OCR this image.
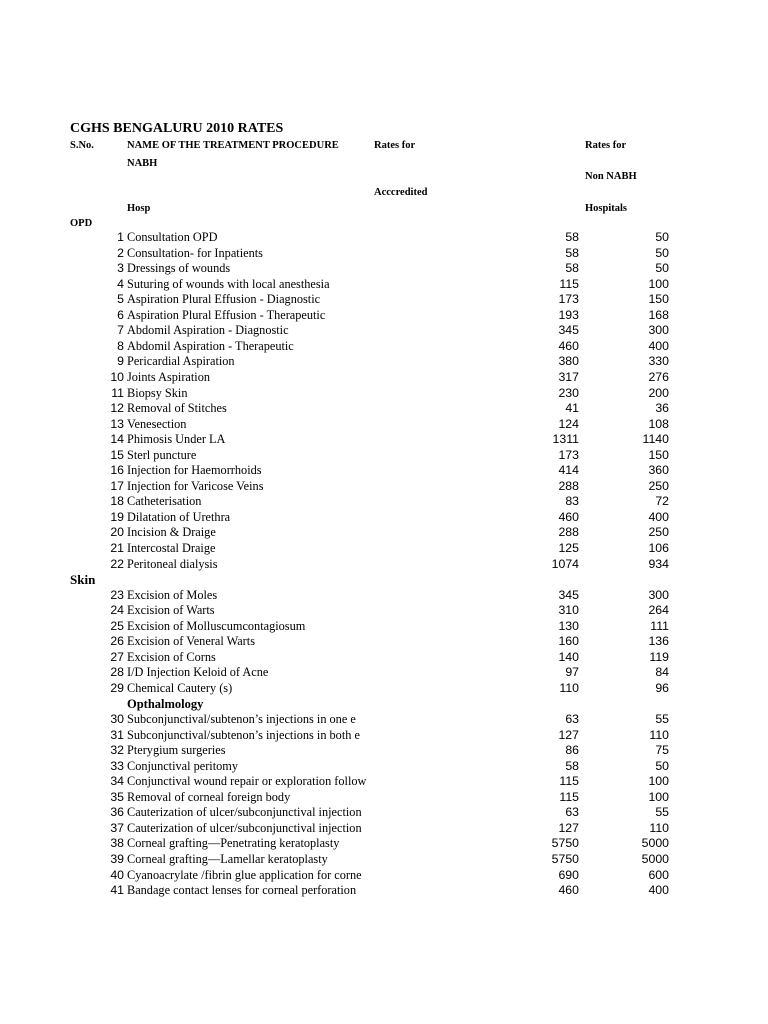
CGHS BENGALURU 2010 RATES
S.No.	NAME OF THE TREATMENT PROCEDURE
NABH
Rates for
Acccredited
Hosp
Rates for
Non NABH
Hospitals
OPD
Skin
Opthalmology
1 Consultation OPD	58	50
2 Consultation- for Inpatients	58	50
3 Dressings of wounds	58	50
4 Suturing of wounds with local anesthesia	115	100
5 Aspiration Plural Effusion - Diagnostic	173	150
6 Aspiration Plural Effusion - Therapeutic	193	168
7 Abdomil Aspiration - Diagnostic	345	300
8 Abdomil Aspiration - Therapeutic	460	400
9 Pericardial Aspiration	380	330
10 Joints Aspiration	317	276
11 Biopsy Skin	230	200
12 Removal of Stitches	41	36
13 Venesection	124	108
14 Phimosis Under LA	1311	1140
15 Sterl puncture	173	150
16 Injection for Haemorrhoids	414	360
17 Injection for Varicose Veins	288	250
18 Catheterisation	83	72
19 Dilatation of Urethra	460	400
20 Incision & Draige	288	250
21 Intercostal Draige	125	106
22 Peritoneal dialysis	1074	934
23 Excision of Moles	345	300
24 Excision of Warts	310	264
25 Excision of Molluscumcontagiosum	130	111
26 Excision of Veneral Warts	160	136
27 Excision of Corns	140	119
28 I/D Injection Keloid of Acne	97	84
29 Chemical Cautery (s)	110	96
30 Subconjunctival/subtenon’s injections in one e	63	55
31 Subconjunctival/subtenon’s injections in both e	127	110
32 Pterygium surgeries	86	75
33 Conjunctival peritomy	58	50
34 Conjunctival wound repair or exploration follow	115	100
35 Removal of corneal foreign body	115	100
36 Cauterization of ulcer/subconjunctival injection	63	55
37 Cauterization of ulcer/subconjunctival injection	127	110
38 Corneal grafting—Penetrating keratoplasty	5750	5000
39 Corneal grafting—Lamellar keratoplasty	5750	5000
40 Cyanoacrylate /fibrin glue application for corne	690	600
41 Bandage contact lenses for corneal perforation	460	400
